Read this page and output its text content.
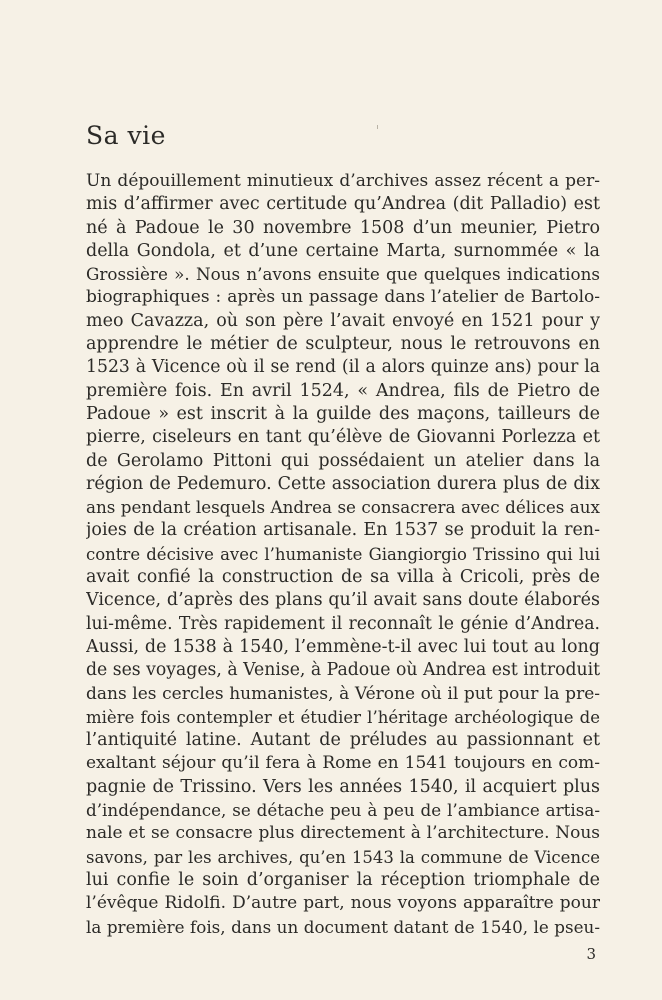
Sa vie
Un dépouillement minutieux d’archives assez récent a per-
mis d’affirmer avec certitude qu’Andrea (dit Palladio) est
né à Padoue le 30 novembre 1508 d’un meunier, Pietro
della Gondola, et d’une certaine Marta, surnommée « la
Grossière ». Nous n’avons ensuite que quelques indications
biographiques : après un passage dans l’atelier de Bartolo-
meo Cavazza, où son père l’avait envoyé en 1521 pour y
apprendre le métier de sculpteur, nous le retrouvons en
1523 à Vicence où il se rend (il a alors quinze ans) pour la
première fois. En avril 1524, « Andrea, fils de Pietro de
Padoue » est inscrit à la guilde des maçons, tailleurs de
pierre, ciseleurs en tant qu’élève de Giovanni Porlezza et
de Gerolamo Pittoni qui possédaient un atelier dans la
région de Pedemuro. Cette association durera plus de dix
ans pendant lesquels Andrea se consacrera avec délices aux
joies de la création artisanale. En 1537 se produit la ren-
contre décisive avec l’humaniste Giangiorgio Trissino qui lui
avait confié la construction de sa villa à Cricoli, près de
Vicence, d’après des plans qu’il avait sans doute élaborés
lui-même. Très rapidement il reconnaît le génie d’Andrea.
Aussi, de 1538 à 1540, l’emmène-t-il avec lui tout au long
de ses voyages, à Venise, à Padoue où Andrea est introduit
dans les cercles humanistes, à Vérone où il put pour la pre-
mière fois contempler et étudier l’héritage archéologique de
l’antiquité latine. Autant de préludes au passionnant et
exaltant séjour qu’il fera à Rome en 1541 toujours en com-
pagnie de Trissino. Vers les années 1540, il acquiert plus
d’indépendance, se détache peu à peu de l’ambiance artisa-
nale et se consacre plus directement à l’architecture. Nous
savons, par les archives, qu’en 1543 la commune de Vicence
lui confie le soin d’organiser la réception triomphale de
l’évêque Ridolfi. D’autre part, nous voyons apparaître pour
la première fois, dans un document datant de 1540, le pseu-
3
